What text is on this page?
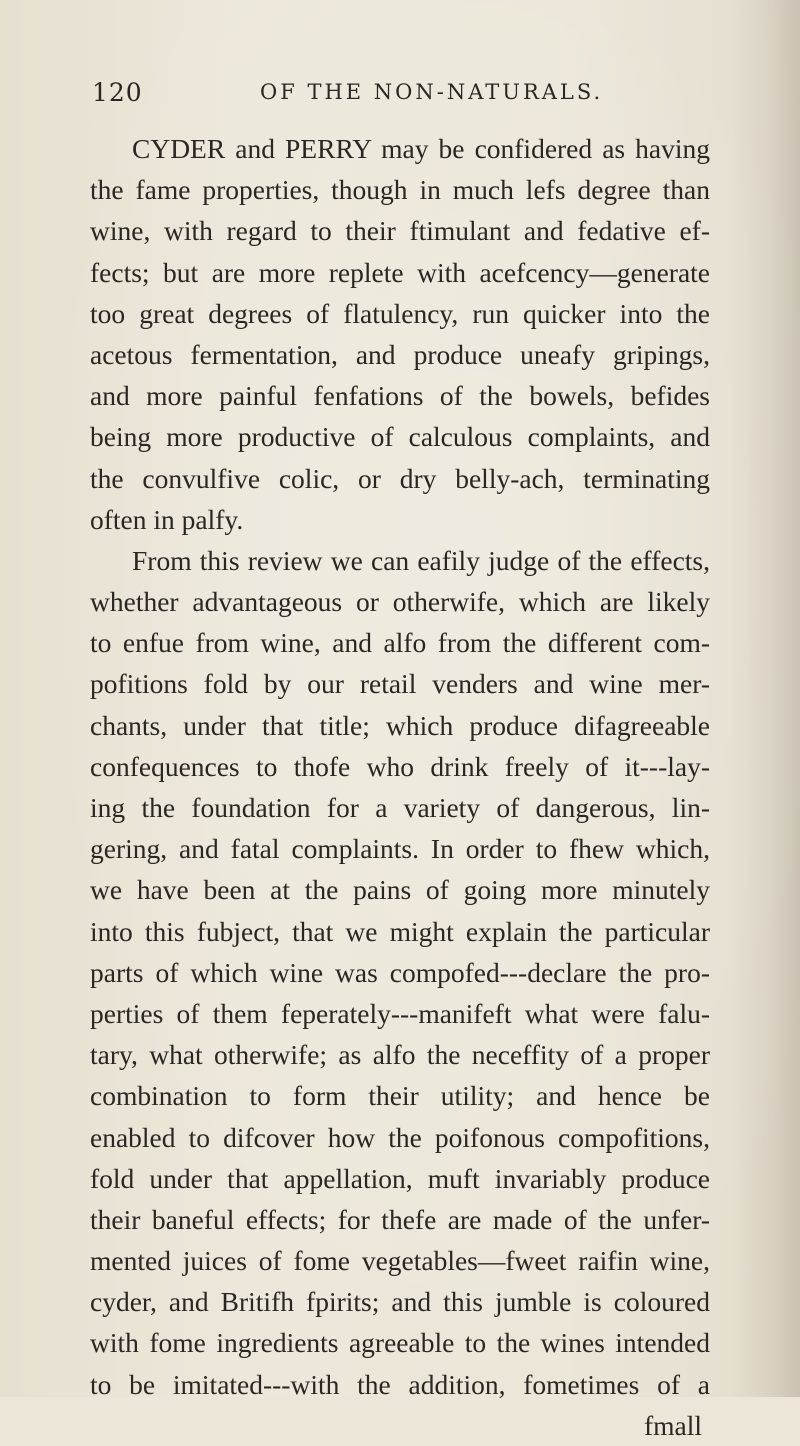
120	OF THE NON-NATURALS.
CYDER and PERRY may be confidered as having
the fame properties, though in much lefs degree than
wine, with regard to their ftimulant and fedative ef-
fects; but are more replete with acefcency—generate
too great degrees of flatulency, run quicker into the
acetous fermentation, and produce uneafy gripings,
and more painful fenfations of the bowels, befides
being more productive of calculous complaints, and
the convulfive colic, or dry belly-ach, terminating
often in palfy.
From this review we can eafily judge of the effects,
whether advantageous or otherwife, which are likely
to enfue from wine, and alfo from the different com-
pofitions fold by our retail venders and wine mer-
chants, under that title; which produce difagreeable
confequences to thofe who drink freely of it---lay-
ing the foundation for a variety of dangerous, lin-
gering, and fatal complaints. In order to fhew which,
we have been at the pains of going more minutely
into this fubject, that we might explain the particular
parts of which wine was compofed---declare the pro-
perties of them feperately---manifeft what were falu-
tary, what otherwife; as alfo the neceffity of a proper
combination to form their utility; and hence be
enabled to difcover how the poifonous compofitions,
fold under that appellation, muft invariably produce
their baneful effects; for thefe are made of the unfer-
mented juices of fome vegetables—fweet raifin wine,
cyder, and Britifh fpirits; and this jumble is coloured
with fome ingredients agreeable to the wines intended
to be imitated---with the addition, fometimes of a
fmall
